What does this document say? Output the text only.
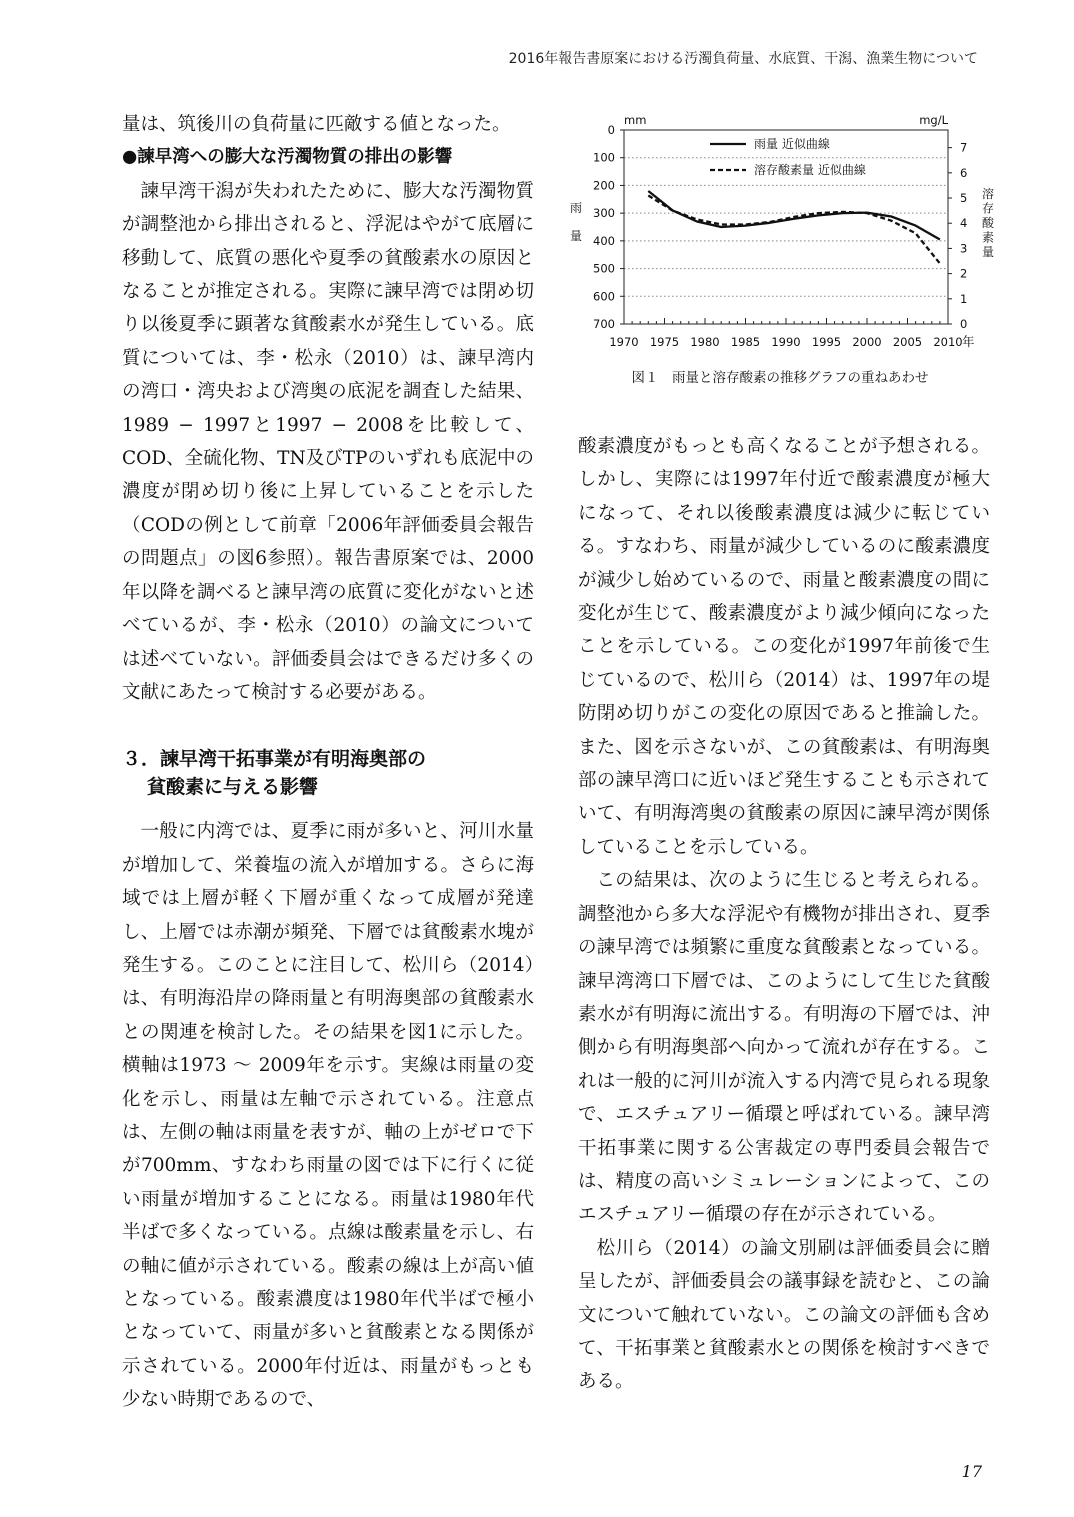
2016年報告書原案における汚濁負荷量、水底質、干潟、漁業生物について

量は、筑後川の負荷量に匹敵する値となった。

●諫早湾への膨大な汚濁物質の排出の影響

諫早湾干潟が失われたために、膨大な汚濁物質が調整池から排出されると、浮泥はやがて底層に移動して、底質の悪化や夏季の貧酸素水の原因となることが推定される。実際に諫早湾では閉め切り以後夏季に顕著な貧酸素水が発生している。底質については、李・松永（2010）は、諫早湾内の湾口・湾央および湾奥の底泥を調査した結果、1989 − 1997と1997 − 2008を比較して、COD、全硫化物、TN及びTPのいずれも底泥中の濃度が閉め切り後に上昇していることを示した（CODの例として前章「2006年評価委員会報告の問題点」の図6参照）。報告書原案では、2000年以降を調べると諫早湾の底質に変化がないと述べているが、李・松永（2010）の論文については述べていない。評価委員会はできるだけ多くの文献にあたって検討する必要がある。

３．諫早湾干拓事業が有明海奥部の
貧酸素に与える影響

一般に内湾では、夏季に雨が多いと、河川水量が増加して、栄養塩の流入が増加する。さらに海域では上層が軽く下層が重くなって成層が発達し、上層では赤潮が頻発、下層では貧酸素水塊が発生する。このことに注目して、松川ら（2014）は、有明海沿岸の降雨量と有明海奥部の貧酸素水との関連を検討した。その結果を図1に示した。横軸は1973 ～ 2009年を示す。実線は雨量の変化を示し、雨量は左軸で示されている。注意点は、左側の軸は雨量を表すが、軸の上がゼロで下が700mm、すなわち雨量の図では下に行くに従い雨量が増加することになる。雨量は1980年代半ばで多くなっている。点線は酸素量を示し、右の軸に値が示されている。酸素の線は上が高い値となっている。酸素濃度は1980年代半ばで極小となっていて、雨量が多いと貧酸素となる関係が示されている。2000年付近は、雨量がもっとも少ない時期であるので、

0
100
200
300
400
500
600
700	0
1
2
3
4
5
6
7
1970 1975 1980 1985 1990 1995 2000 2005 2010 年
mm	mg/L
雨量
溶存酸素量
雨量 近似曲線
溶存酸素量 近似曲線
図１　雨量と溶存酸素の推移グラフの重ねあわせ

酸素濃度がもっとも高くなることが予想される。しかし、実際には1997年付近で酸素濃度が極大になって、それ以後酸素濃度は減少に転じている。すなわち、雨量が減少しているのに酸素濃度が減少し始めているので、雨量と酸素濃度の間に変化が生じて、酸素濃度がより減少傾向になったことを示している。この変化が1997年前後で生じているので、松川ら（2014）は、1997年の堤防閉め切りがこの変化の原因であると推論した。また、図を示さないが、この貧酸素は、有明海奥部の諫早湾口に近いほど発生することも示されていて、有明海湾奥の貧酸素の原因に諫早湾が関係していることを示している。

この結果は、次のように生じると考えられる。調整池から多大な浮泥や有機物が排出され、夏季の諫早湾では頻繁に重度な貧酸素となっている。諫早湾湾口下層では、このようにして生じた貧酸素水が有明海に流出する。有明海の下層では、沖側から有明海奥部へ向かって流れが存在する。これは一般的に河川が流入する内湾で見られる現象で、エスチュアリー循環と呼ばれている。諫早湾干拓事業に関する公害裁定の専門委員会報告では、精度の高いシミュレーションによって、このエスチュアリー循環の存在が示されている。

松川ら（2014）の論文別刷は評価委員会に贈呈したが、評価委員会の議事録を読むと、この論文について触れていない。この論文の評価も含めて、干拓事業と貧酸素水との関係を検討すべきである。

17
